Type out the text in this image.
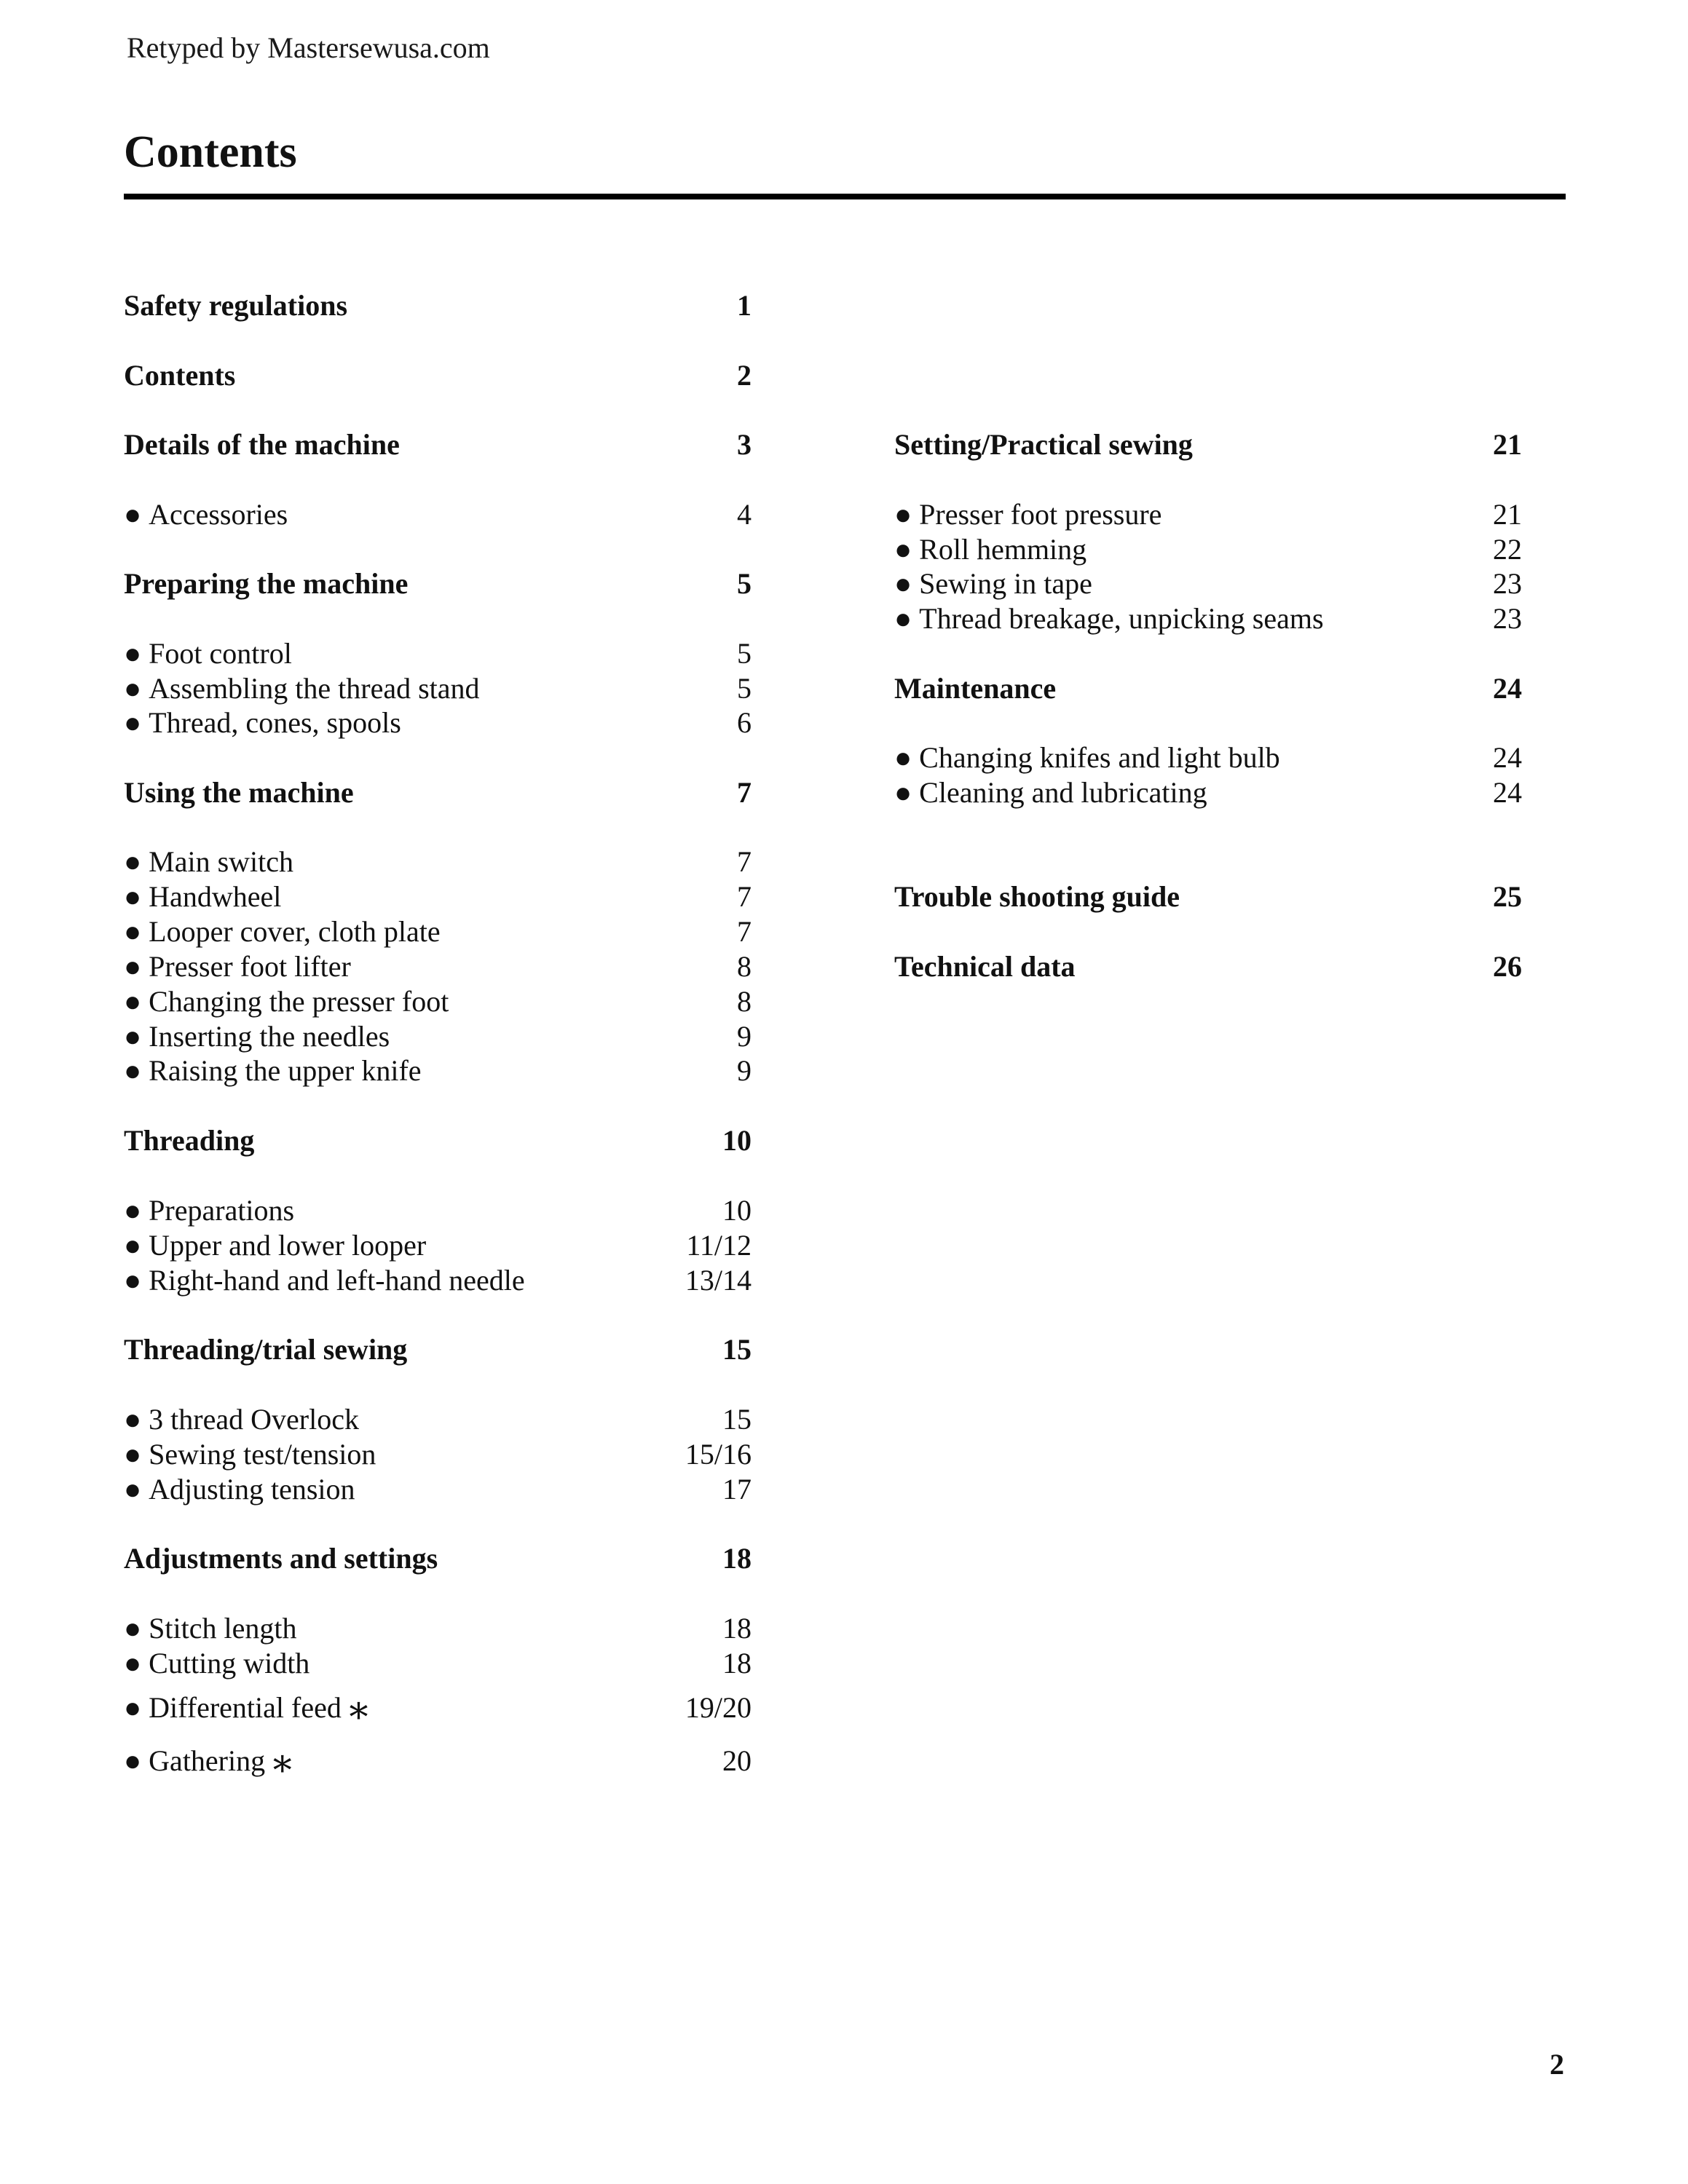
Retyped by Mastersewusa.com
Contents
Safety regulations	1
Contents	2
Details of the machine	3
● Accessories	4
Preparing the machine	5
● Foot control	5
● Assembling the thread stand	5
● Thread, cones, spools	6
Using the machine	7
● Main switch	7
● Handwheel	7
● Looper cover, cloth plate	7
● Presser foot lifter	8
● Changing the presser foot	8
● Inserting the needles	9
● Raising the upper knife	9
Threading	10
● Preparations	10
● Upper and lower looper	11/12
● Right-hand and left-hand needle	13/14
Threading/trial sewing	15
● 3 thread Overlock	15
● Sewing test/tension	15/16
● Adjusting tension	17
Adjustments and settings	18
● Stitch length	18
● Cutting width	18
● Differential feed ∗	19/20
● Gathering ∗	20
Setting/Practical sewing	21
● Presser foot pressure	21
● Roll hemming	22
● Sewing in tape	23
● Thread breakage, unpicking seams	23
Maintenance	24
● Changing knifes and light bulb	24
● Cleaning and lubricating	24
Trouble shooting guide	25
Technical data	26
2
